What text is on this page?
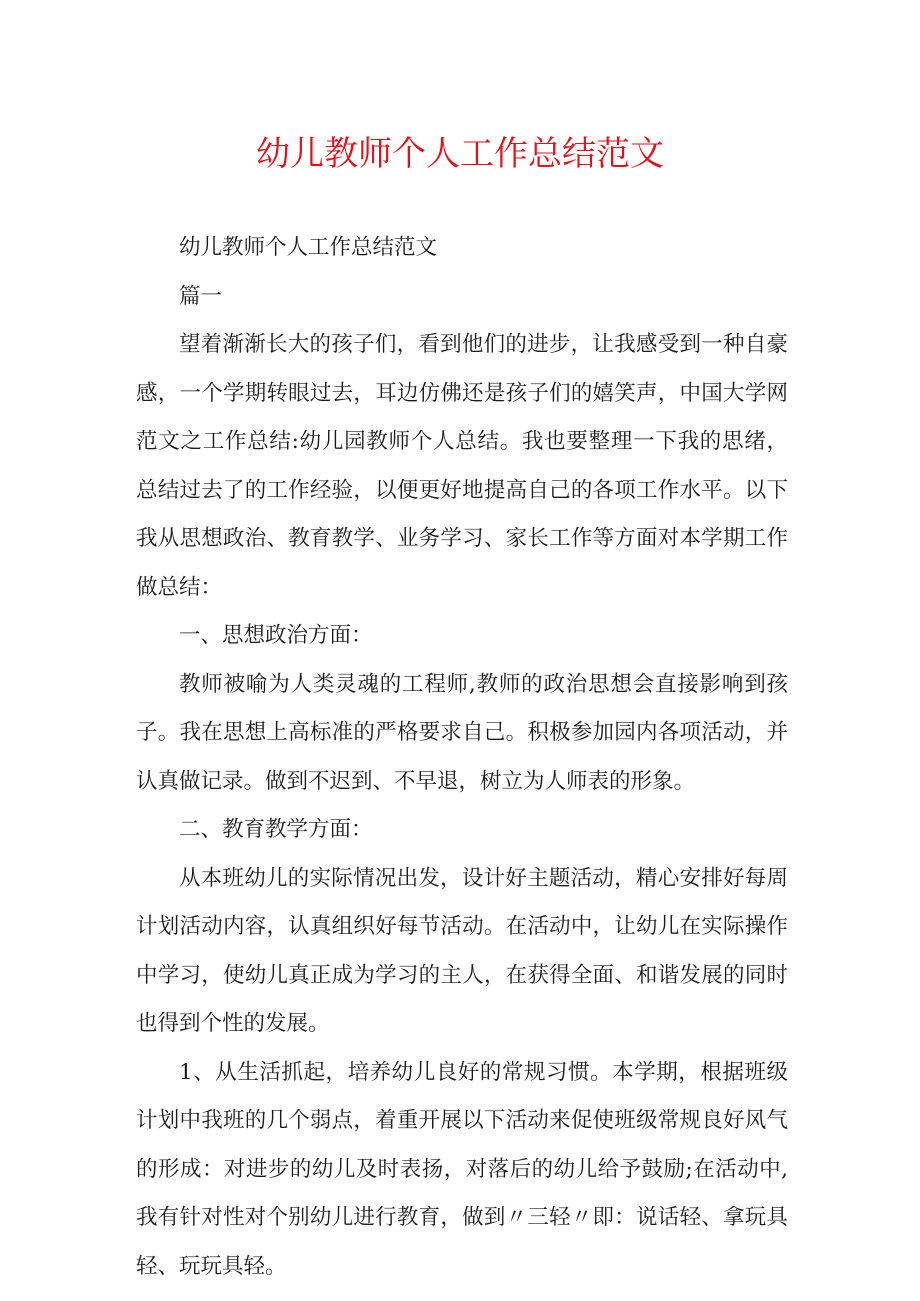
幼儿教师个人工作总结范文

幼儿教师个人工作总结范文

篇一

望着渐渐长大的孩子们，看到他们的进步，让我感受到一种自豪感，一个学期转眼过去，耳边仿佛还是孩子们的嬉笑声，中国大学网范文之工作总结:幼儿园教师个人总结。我也要整理一下我的思绪，总结过去了的工作经验，以便更好地提高自己的各项工作水平。以下我从思想政治、教育教学、业务学习、家长工作等方面对本学期工作做总结：

一、思想政治方面：

教师被喻为人类灵魂的工程师,教师的政治思想会直接影响到孩子。我在思想上高标准的严格要求自己。积极参加园内各项活动，并认真做记录。做到不迟到、不早退，树立为人师表的形象。

二、教育教学方面：

从本班幼儿的实际情况出发，设计好主题活动，精心安排好每周计划活动内容，认真组织好每节活动。在活动中，让幼儿在实际操作中学习，使幼儿真正成为学习的主人，在获得全面、和谐发展的同时也得到个性的发展。

1、从生活抓起，培养幼儿良好的常规习惯。本学期，根据班级计划中我班的几个弱点，着重开展以下活动来促使班级常规良好风气的形成：对进步的幼儿及时表扬，对落后的幼儿给予鼓励;在活动中,我有针对性对个别幼儿进行教育，做到〃三轻〃即：说话轻、拿玩具轻、玩玩具轻。
